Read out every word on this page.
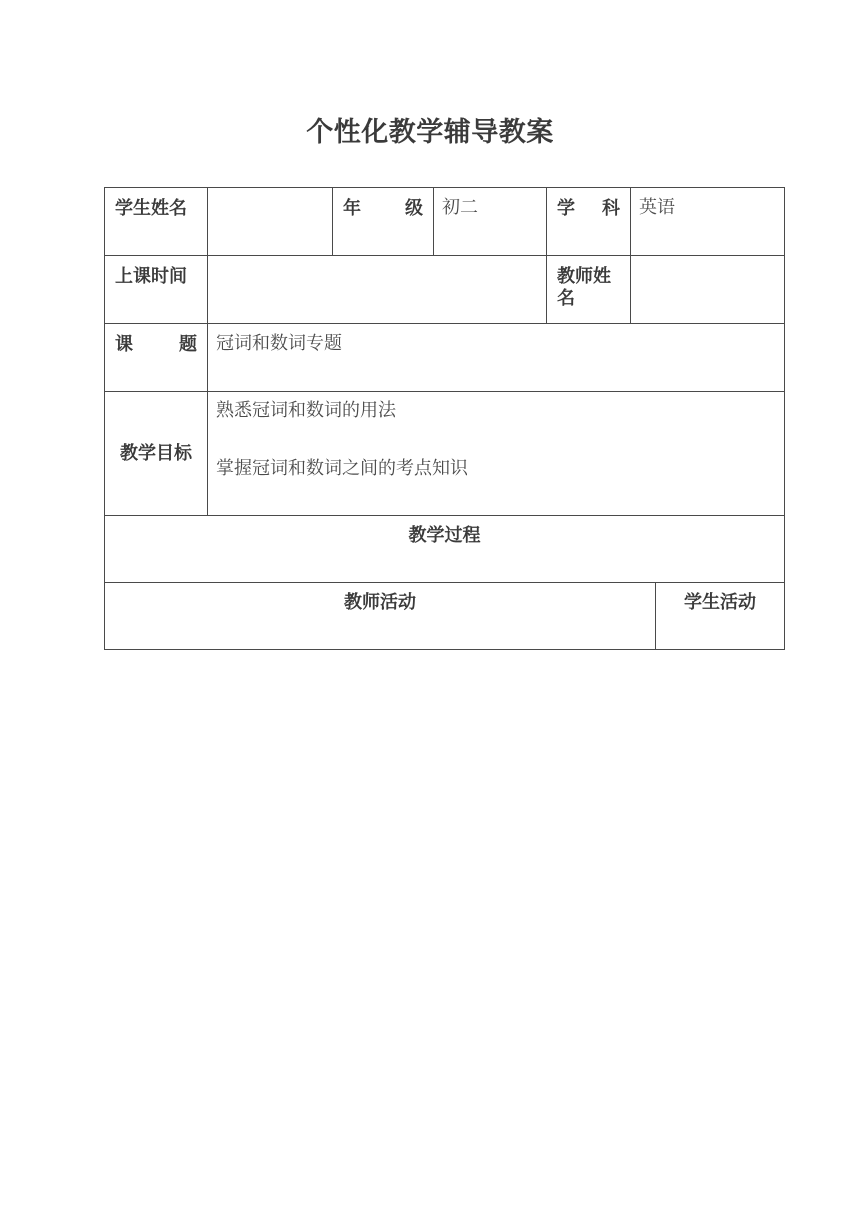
个性化教学辅导教案
学生姓名		年 级	初二	学 科	英语	
上课时间				教师姓名		

课 题	冠词和数词专题					
教学目标	熟悉冠词和数词的用法
掌握冠词和数词之间的考点知识					

教学过程						
教师活动						学生活动
